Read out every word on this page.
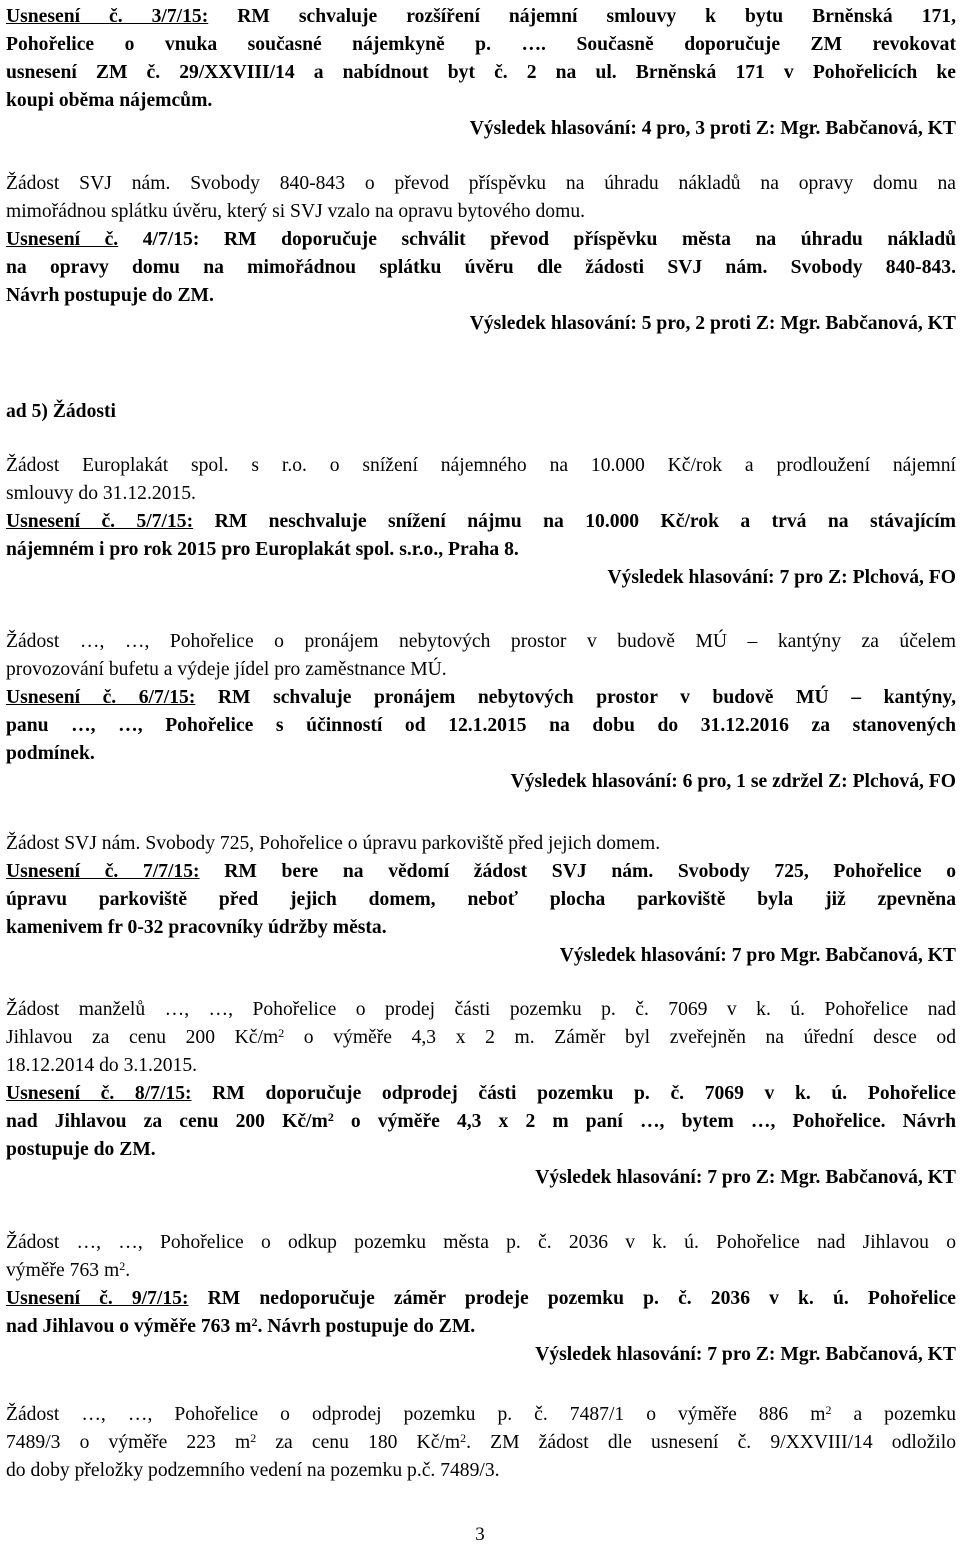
Usnesení č. 3/7/15: RM schvaluje rozšíření nájemní smlouvy k bytu Brněnská 171,
Pohořelice o vnuka současné nájemkyně p. …. Současně doporučuje ZM revokovat
usnesení ZM č. 29/XXVIII/14 a nabídnout byt č. 2 na ul. Brněnská 171 v Pohořelicích ke
koupi oběma nájemcům.
Výsledek hlasování: 4 pro, 3 proti Z: Mgr. Babčanová, KT
Žádost SVJ nám. Svobody 840-843 o převod příspěvku na úhradu nákladů na opravy domu na
mimořádnou splátku úvěru, který si SVJ vzalo na opravu bytového domu.
Usnesení č. 4/7/15: RM doporučuje schválit převod příspěvku města na úhradu nákladů
na opravy domu na mimořádnou splátku úvěru dle žádosti SVJ nám. Svobody 840-843.
Návrh postupuje do ZM.
Výsledek hlasování: 5 pro, 2 proti Z: Mgr. Babčanová, KT
ad 5) Žádosti
Žádost Europlakát spol. s r.o. o snížení nájemného na 10.000 Kč/rok a prodloužení nájemní
smlouvy do 31.12.2015.
Usnesení č. 5/7/15: RM neschvaluje snížení nájmu na 10.000 Kč/rok a trvá na stávajícím
nájemném i pro rok 2015 pro Europlakát spol. s.r.o., Praha 8.
Výsledek hlasování: 7 pro Z: Plchová, FO
Žádost …, …, Pohořelice o pronájem nebytových prostor v budově MÚ – kantýny za účelem
provozování bufetu a výdeje jídel pro zaměstnance MÚ.
Usnesení č. 6/7/15: RM schvaluje pronájem nebytových prostor v budově MÚ – kantýny,
panu …, …, Pohořelice s účinností od 12.1.2015 na dobu do 31.12.2016 za stanovených
podmínek.
Výsledek hlasování: 6 pro, 1 se zdržel Z: Plchová, FO
Žádost SVJ nám. Svobody 725, Pohořelice o úpravu parkoviště před jejich domem.
Usnesení č. 7/7/15: RM bere na vědomí žádost SVJ nám. Svobody 725, Pohořelice o
úpravu parkoviště před jejich domem, neboť plocha parkoviště byla již zpevněna
kamenivem fr 0-32 pracovníky údržby města.
Výsledek hlasování: 7 pro Mgr. Babčanová, KT
Žádost manželů …, …, Pohořelice o prodej části pozemku p. č. 7069 v k. ú. Pohořelice nad
Jihlavou za cenu 200 $Kč/m^2$ o výměře 4,3 x 2 m. Záměr byl zveřejněn na úřední desce od
18.12.2014 do 3.1.2015.
Usnesení č. 8/7/15: RM doporučuje odprodej části pozemku p. č. 7069 v k. ú. Pohořelice
nad Jihlavou za cenu 200 $Kč/m^2$ o výměře 4,3 x 2 m paní …, bytem …, Pohořelice. Návrh
postupuje do ZM.
Výsledek hlasování: 7 pro Z: Mgr. Babčanová, KT
Žádost …, …, Pohořelice o odkup pozemku města p. č. 2036 v k. ú. Pohořelice nad Jihlavou o
výměře 763 $m^2$.
Usnesení č. 9/7/15: RM nedoporučuje záměr prodeje pozemku p. č. 2036 v k. ú. Pohořelice
nad Jihlavou o výměře 763 $m^2$. Návrh postupuje do ZM.
Výsledek hlasování: 7 pro Z: Mgr. Babčanová, KT
Žádost …, …, Pohořelice o odprodej pozemku p. č. 7487/1 o výměře 886 $m^2$ a pozemku
7489/3 o výměře 223 $m^2$ za cenu 180 $Kč/m^2$. ZM žádost dle usnesení č. 9/XXVIII/14 odložilo
do doby přeložky podzemního vedení na pozemku p.č. 7489/3.
3
